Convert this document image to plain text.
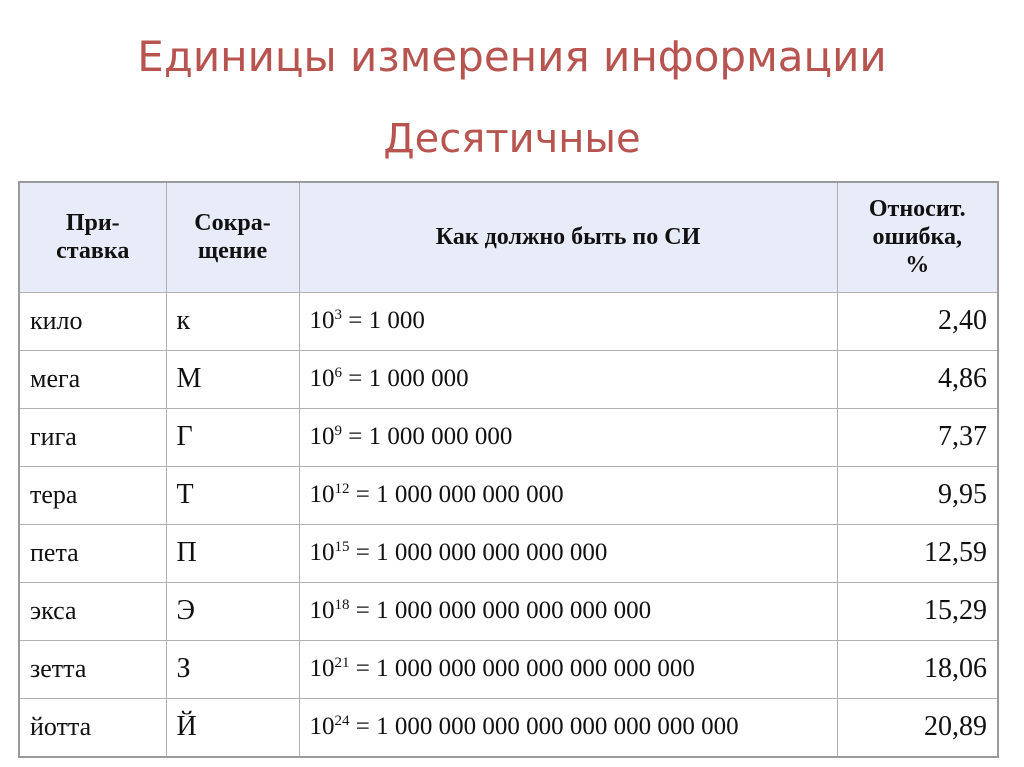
Единицы измерения информации
Десятичные
При-
ставка	Сокра-
щение	Как должно быть по СИ	Относит.
ошибка,
%
кило	к	$10^3 = 1$ 000	2,40
мега	М	$10^6 = 1$ 000 000	4,86
гига	Г	$10^9 = 1$ 000 000 000	7,37
тера	Т	$10^{12} = 1$ 000 000 000 000	9,95
пета	П	$10^{15} = 1$ 000 000 000 000 000	12,59
экса	Э	$10^{18} = 1$ 000 000 000 000 000 000	15,29
зетта	З	$10^{21} = 1$ 000 000 000 000 000 000 000	18,06
йотта	Й	$10^{24} = 1$ 000 000 000 000 000 000 000 000	20,89
